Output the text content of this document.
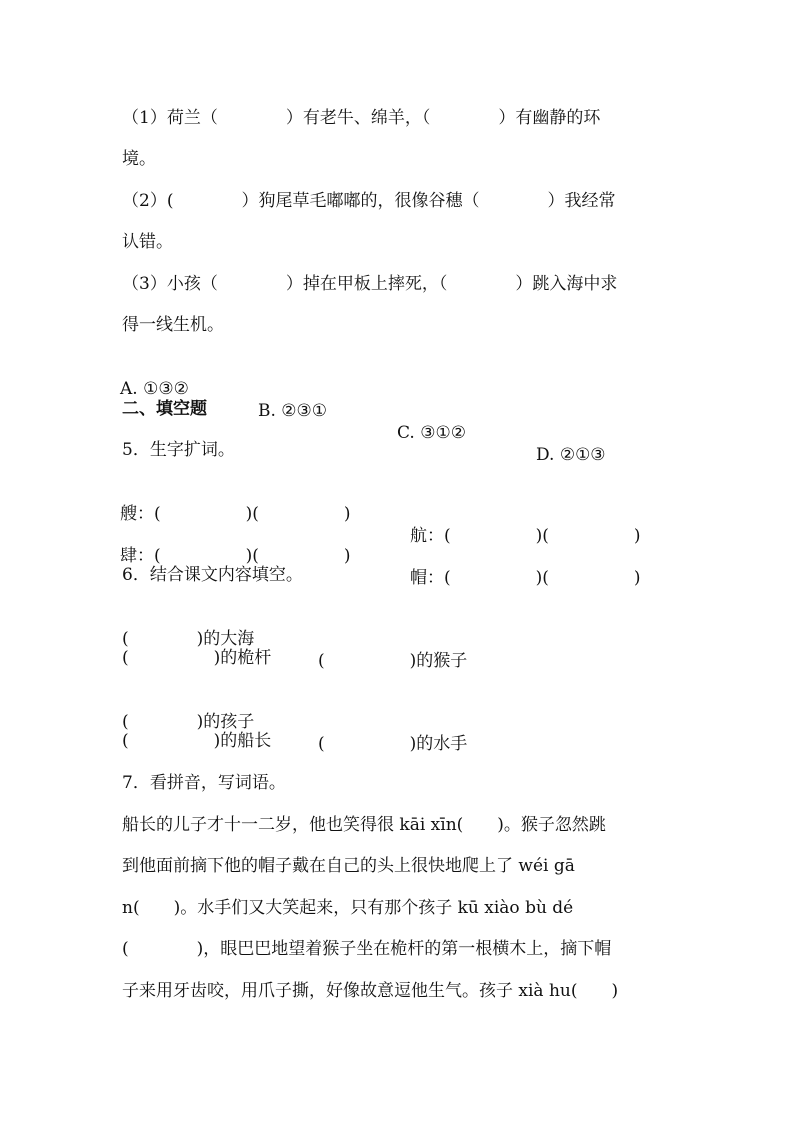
（1）荷兰（　　　　）有老牛、绵羊，（　　　　）有幽静的环
境。
（2）(　　　　）狗尾草毛嘟嘟的，很像谷穗（　　　　）我经常
认错。
（3）小孩（　　　　）掉在甲板上摔死，（　　　　）跳入海中求
得一线生机。

A. ①③②

B. ②③①

C. ③①②

D. ②①③

二、填空题
5．生字扩词。

艘：(　　　　　)(　　　　　)

航：(　　　　　)(　　　　　)

肆：(　　　　　)(　　　　　)

帽：(　　　　　)(　　　　　)

6．结合课文内容填空。

(　　　　)的大海

(　　　　　)的猴子

(　　　　　)的桅杆

(　　　　)的孩子

(　　　　　)的水手

(　　　　　)的船长
7．看拼音，写词语。
船长的儿子才十一二岁，他也笑得很 kāi xīn(　　)。猴子忽然跳
到他面前摘下他的帽子戴在自己的头上很快地爬上了 wéi gā
n(　　)。水手们又大笑起来，只有那个孩子 kū xiào bù dé
(　　　　)，眼巴巴地望着猴子坐在桅杆的第一根横木上，摘下帽
子来用牙齿咬，用爪子撕，好像故意逗他生气。孩子 xià hu(　　)
